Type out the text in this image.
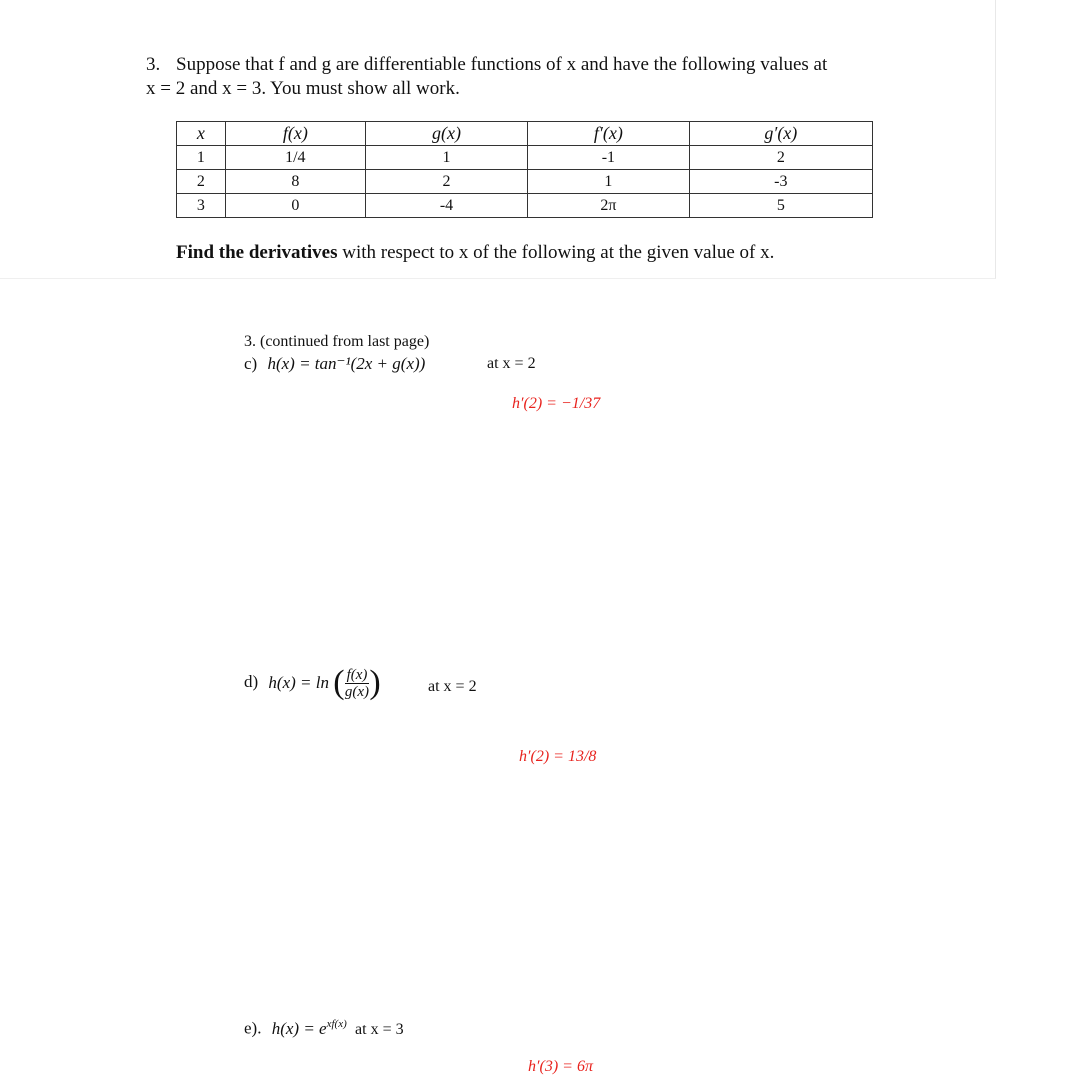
3. Suppose that f and g are differentiable functions of x and have the following values at
x = 2 and x = 3. You must show all work.
x	f(x)	g(x)	f′(x)	g′(x)
1	1/4	1	-1	2
2	8	2	1	-3
3	0	-4	2π	5
Find the derivatives with respect to x of the following at the given value of x.
3. (continued from last page)
c) h(x) = tan⁻¹(2x + g(x))	at x = 2
h′(2) = −1/37
d) h(x) = ln ( $\frac{f(x)}{g(x)}$ )	at x = 2
h′(2) = 13/8
e). $h(x) = e^{xf(x)}$ at x = 3
h′(3) = 6π
